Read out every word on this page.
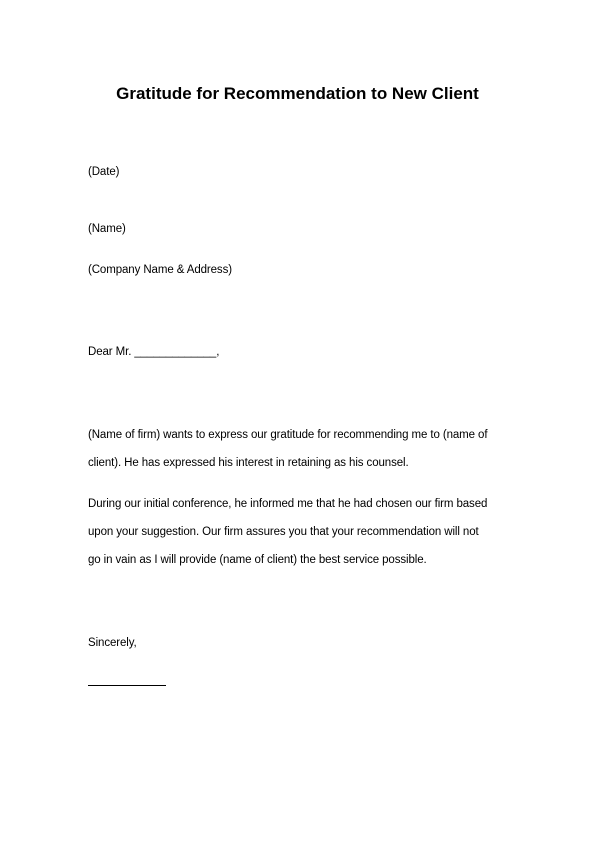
Gratitude for Recommendation to New Client
(Date)
(Name)
(Company Name & Address)
Dear Mr. _____________,
(Name of firm) wants to express our gratitude for recommending me to (name of
client). He has expressed his interest in retaining as his counsel.
During our initial conference, he informed me that he had chosen our firm based
upon your suggestion. Our firm assures you that your recommendation will not
go in vain as I will provide (name of client) the best service possible.
Sincerely,
